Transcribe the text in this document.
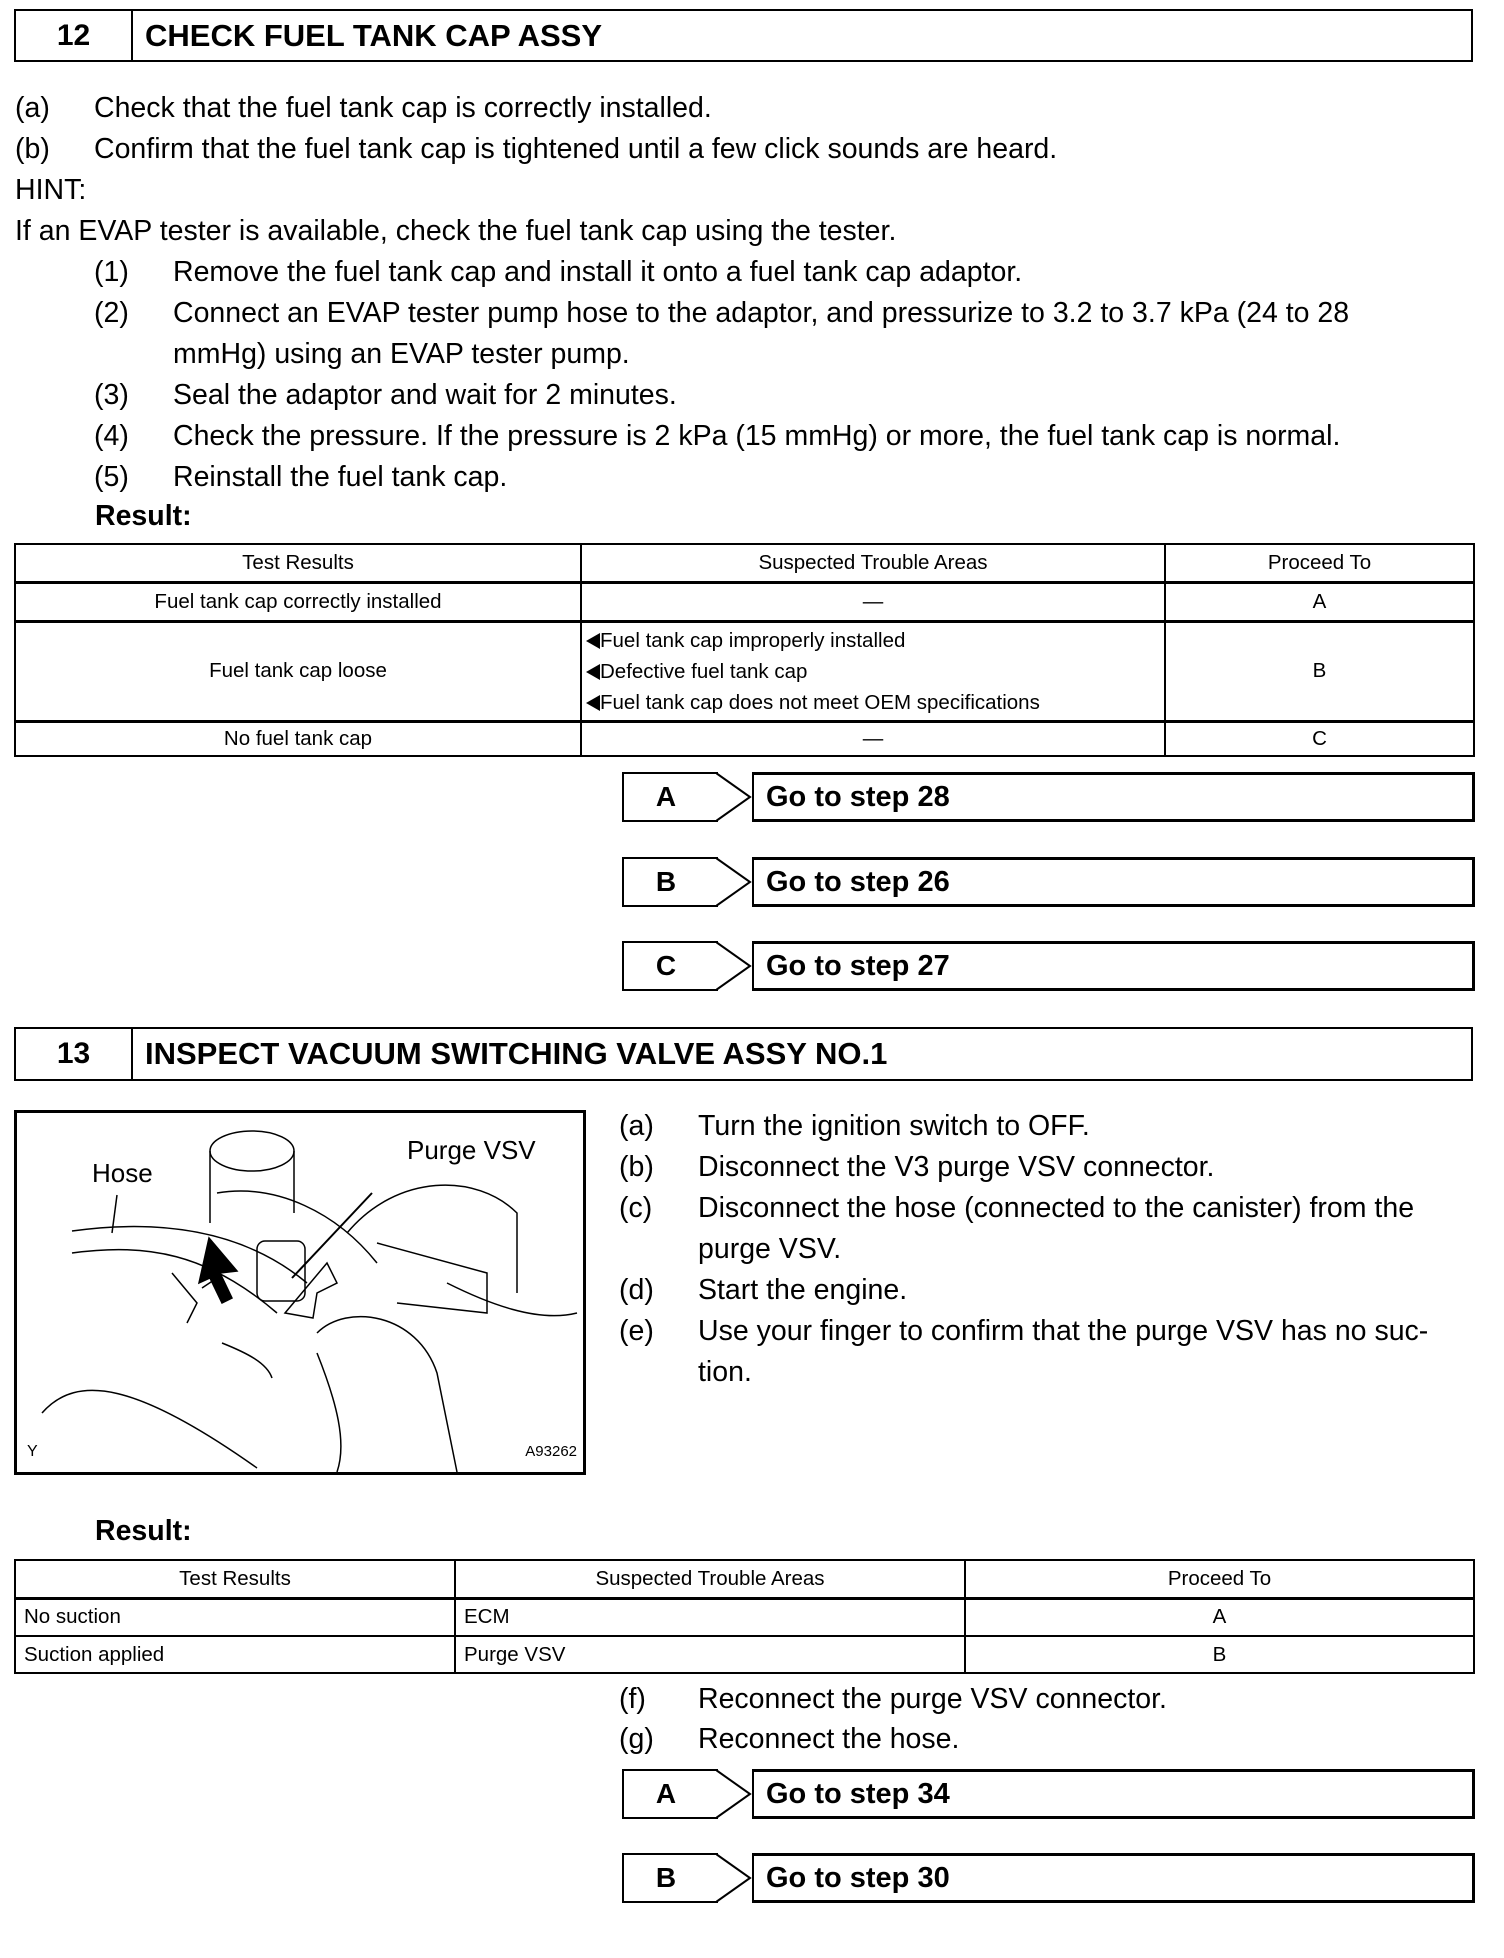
12	CHECK FUEL TANK CAP ASSY
(a) Check that the fuel tank cap is correctly installed.
(b) Confirm that the fuel tank cap is tightened until a few click sounds are heard.
HINT:
If an EVAP tester is available, check the fuel tank cap using the tester.
(1) Remove the fuel tank cap and install it onto a fuel tank cap adaptor.
(2) Connect an EVAP tester pump hose to the adaptor, and pressurize to 3.2 to 3.7 kPa (24 to 28
mmHg) using an EVAP tester pump.
(3) Seal the adaptor and wait for 2 minutes.
(4) Check the pressure. If the pressure is 2 kPa (15 mmHg) or more, the fuel tank cap is normal.
(5) Reinstall the fuel tank cap.
Result:
Test Results	Suspected Trouble Areas	Proceed To
Fuel tank cap correctly installed	—	A
Fuel tank cap loose	Fuel tank cap improperly installed
Defective fuel tank cap
Fuel tank cap does not meet OEM specifications	B
No fuel tank cap	—	C
A	Go to step 28
B	Go to step 26
C	Go to step 27
13	INSPECT VACUUM SWITCHING VALVE ASSY NO.1
Hose
Purge VSV
Y	A93262
(a) Turn the ignition switch to OFF.
(b) Disconnect the V3 purge VSV connector.
(c) Disconnect the hose (connected to the canister) from the
purge VSV.
(d) Start the engine.
(e) Use your finger to confirm that the purge VSV has no suc-
tion.
Result:
Test Results	Suspected Trouble Areas	Proceed To
No suction	ECM	A
Suction applied	Purge VSV	B
(f) Reconnect the purge VSV connector.
(g) Reconnect the hose.
A	Go to step 34
B	Go to step 30
